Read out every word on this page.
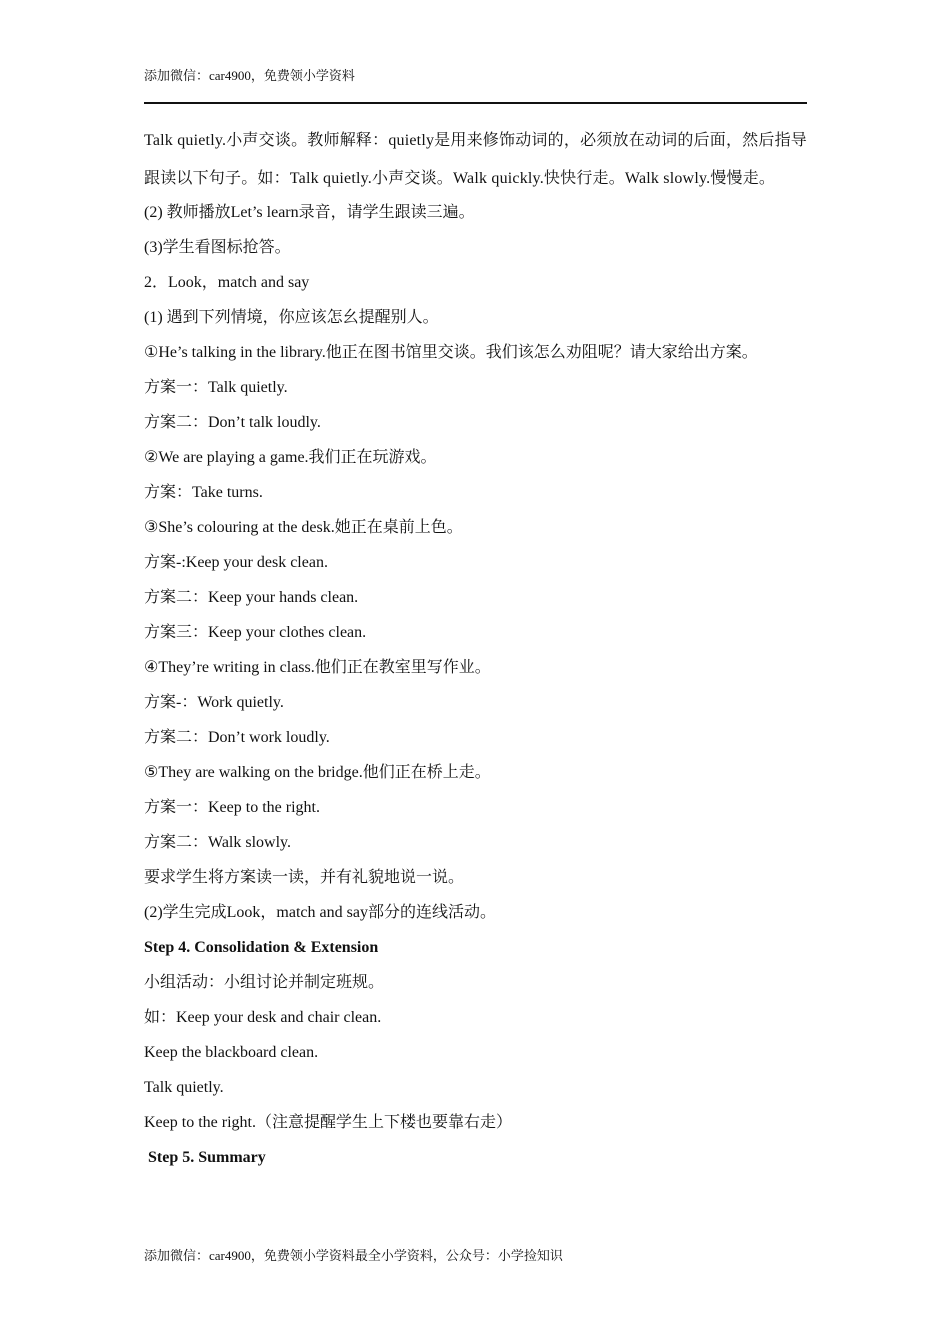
添加微信：car4900，免费领小学资料

Talk quietly.小声交谈。教师解释：quietly是用来修饰动词的，必须放在动词的后面，然后指导跟读以下句子。如：Talk quietly.小声交谈。Walk quickly.快快行走。Walk slowly.慢慢走。

(2) 教师播放Let’s learn录音，请学生跟读三遍。
(3)学生看图标抢答。
2．Look，match and say
(1) 遇到下列情境，你应该怎幺提醒别人。
①He’s talking in the library.他正在图书馆里交谈。我们该怎么劝阻呢？请大家给出方案。
方案一：Talk quietly.
方案二：Don’t talk loudly.
②We are playing a game.我们正在玩游戏。
方案：Take turns.
③She’s colouring at the desk.她正在桌前上色。
方案-:Keep your desk clean.
方案二：Keep your hands clean.
方案三：Keep your clothes clean.
④They’re writing in class.他们正在教室里写作业。
方案-：Work quietly.
方案二：Don’t work loudly.
⑤They are walking on the bridge.他们正在桥上走。
方案一：Keep to the right.
方案二：Walk slowly.
要求学生将方案读一读，并有礼貌地说一说。
(2)学生完成Look，match and say部分的连线活动。
Step 4. Consolidation & Extension
小组活动：小组讨论并制定班规。
如：Keep your desk and chair clean.
Keep the blackboard clean.
Talk quietly.
Keep to the right.（注意提醒学生上下楼也要靠右走）
Step 5. Summary
添加微信：car4900，免费领小学资料最全小学资料，公众号：小学捡知识
